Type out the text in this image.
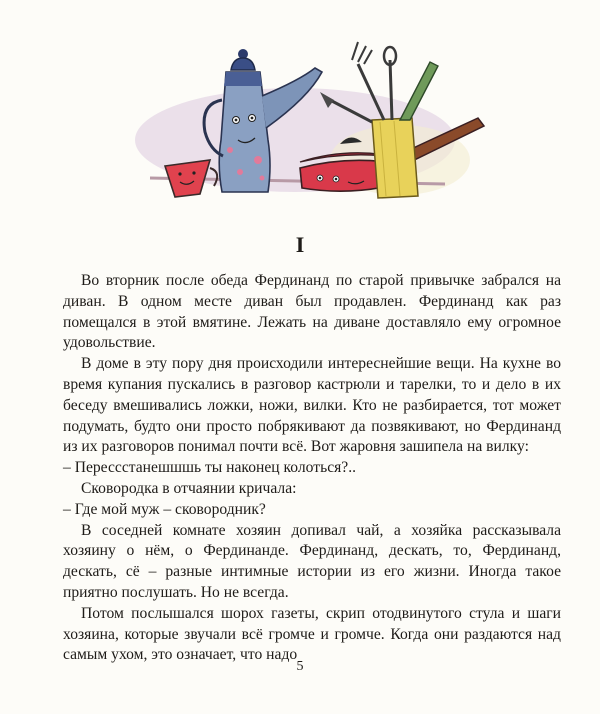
I

Во вторник после обеда Фердинанд по старой привычке забрался на диван. В одном месте диван был продавлен. Фердинанд как раз помещался в этой вмятине. Лежать на диване доставляло ему огромное удовольствие.

В доме в эту пору дня происходили интереснейшие вещи. На кухне во время купания пускались в разговор кастрюли и тарелки, то и дело в их беседу вмешивались ложки, ножи, вилки. Кто не разбирается, тот может подумать, будто они просто побрякивают да позвякивают, но Фердинанд из их разговоров понимал почти всё. Вот жаровня зашипела на вилку:

– Перессстанешшшь ты наконец колоться?..

Сковородка в отчаянии кричала:

– Где мой муж – сковородник?

В соседней комнате хозяин допивал чай, а хозяйка рассказывала хозяину о нём, о Фердинанде. Фердинанд, дескать, то, Фердинанд, дескать, сё – разные интимные истории из его жизни. Иногда такое приятно послушать. Но не всегда.

Потом послышался шорох газеты, скрип отодвинутого стула и шаги хозяина, которые звучали всё громче и громче. Когда они раздаются над самым ухом, это означает, что надо

5
